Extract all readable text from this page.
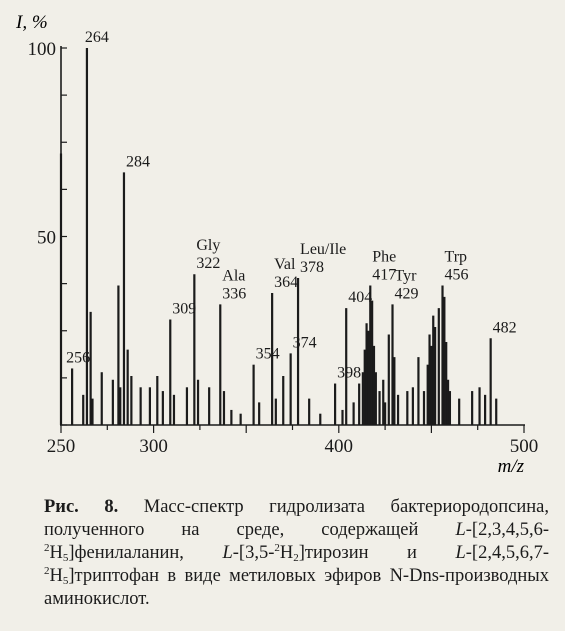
100
50
250	300	400	500
I, %
m/z
256
264
284
309
322
336
354
364
374
378
398
404
417
429
456
482
Gly
Ala
Val
Leu/Ile Phe
Tyr
Trp
Рис. 8. Масс-спектр гидролизата бактериородопсина, полученного на среде, содержащей $L-[2,3,4,5,6-^2H_5]фенилаланин$, $L-[3,5-^2H_2]тирозин$ и $L-[2,4,5,6,7-^2H_5]триптофан$ в виде метиловых эфиров N-Dns-производных аминокислот.
